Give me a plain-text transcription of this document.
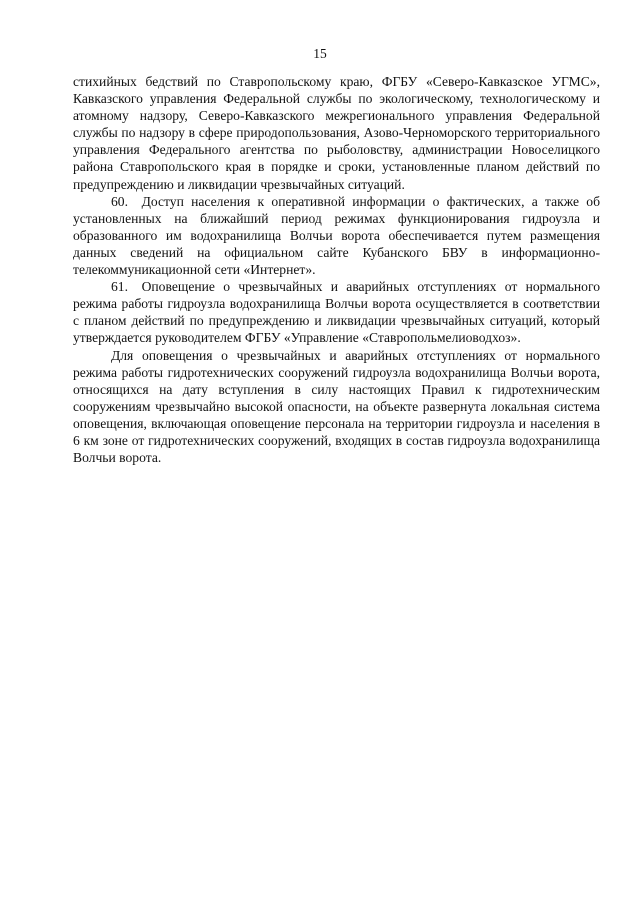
15

стихийных бедствий по Ставропольскому краю, ФГБУ «Северо-Кавказское УГМС», Кавказского управления Федеральной службы по экологическому, технологическому и атомному надзору, Северо-Кавказского межрегионального управления Федеральной службы по надзору в сфере природопользования, Азово-Черноморского территориального управления Федерального агентства по рыболовству, администрации Новоселицкого района Ставропольского края в порядке и сроки, установленные планом действий по предупреждению и ликвидации чрезвычайных ситуаций.

60. Доступ населения к оперативной информации о фактических, а также об установленных на ближайший период режимах функционирования гидроузла и образованного им водохранилища Волчьи ворота обеспечивается путем размещения данных сведений на официальном сайте Кубанского БВУ в информационно-телекоммуникационной сети «Интернет».

61. Оповещение о чрезвычайных и аварийных отступлениях от нормального режима работы гидроузла водохранилища Волчьи ворота осуществляется в соответствии с планом действий по предупреждению и ликвидации чрезвычайных ситуаций, который утверждается руководителем ФГБУ «Управление «Ставропольмелиоводхоз».

Для оповещения о чрезвычайных и аварийных отступлениях от нормального режима работы гидротехнических сооружений гидроузла водохранилища Волчьи ворота, относящихся на дату вступления в силу настоящих Правил к гидротехническим сооружениям чрезвычайно высокой опасности, на объекте развернута локальная система оповещения, включающая оповещение персонала на территории гидроузла и населения в 6 км зоне от гидротехнических сооружений, входящих в состав гидроузла водохранилища Волчьи ворота.
